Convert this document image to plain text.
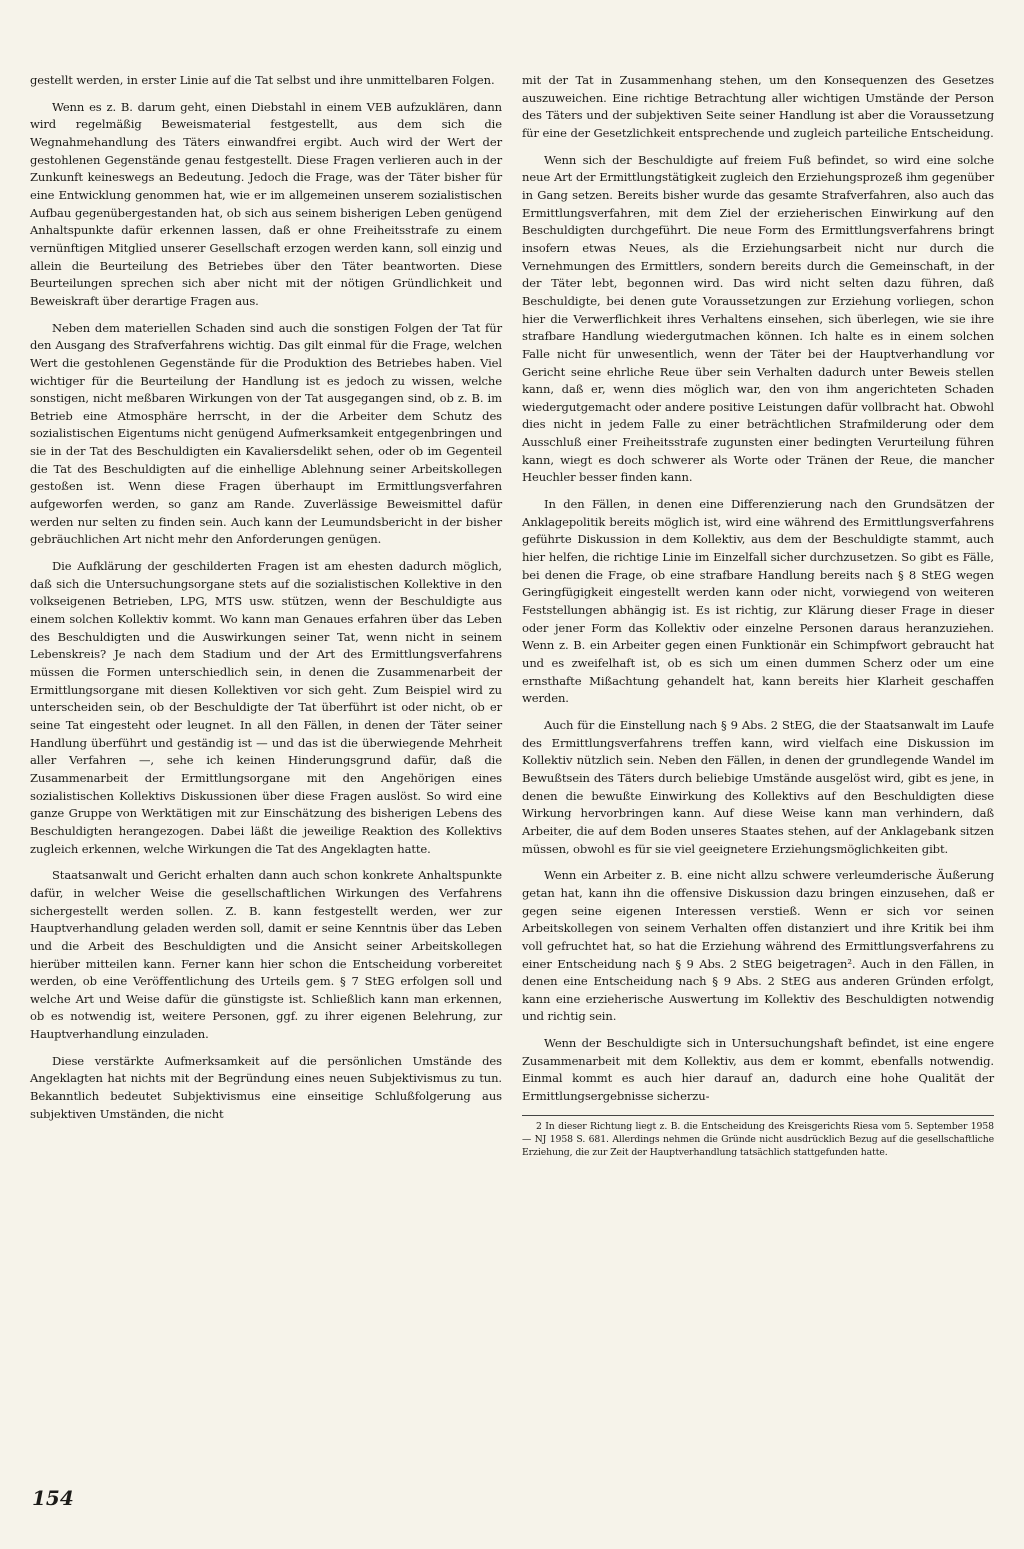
gestellt werden, in erster Linie auf die Tat selbst und ihre unmittelbaren Folgen.

Wenn es z. B. darum geht, einen Diebstahl in einem VEB aufzuklären, dann wird regelmäßig Beweismaterial festgestellt, aus dem sich die Wegnahmehandlung des Täters einwandfrei ergibt. Auch wird der Wert der gestohlenen Gegenstände genau festgestellt. Diese Fragen verlieren auch in der Zunkunft keineswegs an Bedeutung. Jedoch die Frage, was der Täter bisher für eine Entwicklung genommen hat, wie er im allgemeinen unserem sozialistischen Aufbau gegenübergestanden hat, ob sich aus seinem bisherigen Leben genügend Anhaltspunkte dafür erkennen lassen, daß er ohne Freiheitsstrafe zu einem vernünftigen Mitglied unserer Gesellschaft erzogen werden kann, soll einzig und allein die Beurteilung des Betriebes über den Täter beantworten. Diese Beurteilungen sprechen sich aber nicht mit der nötigen Gründlichkeit und Beweiskraft über derartige Fragen aus.

Neben dem materiellen Schaden sind auch die sonstigen Folgen der Tat für den Ausgang des Strafverfahrens wichtig. Das gilt einmal für die Frage, welchen Wert die gestohlenen Gegenstände für die Produktion des Betriebes haben. Viel wichtiger für die Beurteilung der Handlung ist es jedoch zu wissen, welche sonstigen, nicht meßbaren Wirkungen von der Tat ausgegangen sind, ob z. B. im Betrieb eine Atmosphäre herrscht, in der die Arbeiter dem Schutz des sozialistischen Eigentums nicht genügend Aufmerksamkeit entgegenbringen und sie in der Tat des Beschuldigten ein Kavaliersdelikt sehen, oder ob im Gegenteil die Tat des Beschuldigten auf die einhellige Ablehnung seiner Arbeitskollegen gestoßen ist. Wenn diese Fragen überhaupt im Ermittlungsverfahren aufgeworfen werden, so ganz am Rande. Zuverlässige Beweismittel dafür werden nur selten zu finden sein. Auch kann der Leumundsbericht in der bisher gebräuchlichen Art nicht mehr den Anforderungen genügen.

Die Aufklärung der geschilderten Fragen ist am ehesten dadurch möglich, daß sich die Untersuchungsorgane stets auf die sozialistischen Kollektive in den volkseigenen Betrieben, LPG, MTS usw. stützen, wenn der Beschuldigte aus einem solchen Kollektiv kommt. Wo kann man Genaues erfahren über das Leben des Beschuldigten und die Auswirkungen seiner Tat, wenn nicht in seinem Lebenskreis? Je nach dem Stadium und der Art des Ermittlungsverfahrens müssen die Formen unterschiedlich sein, in denen die Zusammenarbeit der Ermittlungsorgane mit diesen Kollektiven vor sich geht. Zum Beispiel wird zu unterscheiden sein, ob der Beschuldigte der Tat überführt ist oder nicht, ob er seine Tat eingesteht oder leugnet. In all den Fällen, in denen der Täter seiner Handlung überführt und geständig ist — und das ist die überwiegende Mehrheit aller Verfahren —, sehe ich keinen Hinderungsgrund dafür, daß die Zusammenarbeit der Ermittlungsorgane mit den Angehörigen eines sozialistischen Kollektivs Diskussionen über diese Fragen auslöst. So wird eine ganze Gruppe von Werktätigen mit zur Einschätzung des bisherigen Lebens des Beschuldigten herangezogen. Dabei läßt die jeweilige Reaktion des Kollektivs zugleich erkennen, welche Wirkungen die Tat des Angeklagten hatte.

Staatsanwalt und Gericht erhalten dann auch schon konkrete Anhaltspunkte dafür, in welcher Weise die gesellschaftlichen Wirkungen des Verfahrens sichergestellt werden sollen. Z. B. kann festgestellt werden, wer zur Hauptverhandlung geladen werden soll, damit er seine Kenntnis über das Leben und die Arbeit des Beschuldigten und die Ansicht seiner Arbeitskollegen hierüber mitteilen kann. Ferner kann hier schon die Entscheidung vorbereitet werden, ob eine Veröffentlichung des Urteils gem. § 7 StEG erfolgen soll und welche Art und Weise dafür die günstigste ist. Schließlich kann man erkennen, ob es notwendig ist, weitere Personen, ggf. zu ihrer eigenen Belehrung, zur Hauptverhandlung einzuladen.

Diese verstärkte Aufmerksamkeit auf die persönlichen Umstände des Angeklagten hat nichts mit der Begründung eines neuen Subjektivismus zu tun. Bekanntlich bedeutet Subjektivismus eine einseitige Schlußfolgerung aus subjektiven Umständen, die nicht

mit der Tat in Zusammenhang stehen, um den Konsequenzen des Gesetzes auszuweichen. Eine richtige Betrachtung aller wichtigen Umstände der Person des Täters und der subjektiven Seite seiner Handlung ist aber die Voraussetzung für eine der Gesetzlichkeit entsprechende und zugleich parteiliche Entscheidung.

Wenn sich der Beschuldigte auf freiem Fuß befindet, so wird eine solche neue Art der Ermittlungstätigkeit zugleich den Erziehungsprozeß ihm gegenüber in Gang setzen. Bereits bisher wurde das gesamte Strafverfahren, also auch das Ermittlungsverfahren, mit dem Ziel der erzieherischen Einwirkung auf den Beschuldigten durchgeführt. Die neue Form des Ermittlungsverfahrens bringt insofern etwas Neues, als die Erziehungsarbeit nicht nur durch die Vernehmungen des Ermittlers, sondern bereits durch die Gemeinschaft, in der der Täter lebt, begonnen wird. Das wird nicht selten dazu führen, daß Beschuldigte, bei denen gute Voraussetzungen zur Erziehung vorliegen, schon hier die Verwerflichkeit ihres Verhaltens einsehen, sich überlegen, wie sie ihre strafbare Handlung wiedergutmachen können. Ich halte es in einem solchen Falle nicht für unwesentlich, wenn der Täter bei der Hauptverhandlung vor Gericht seine ehrliche Reue über sein Verhalten dadurch unter Beweis stellen kann, daß er, wenn dies möglich war, den von ihm angerichteten Schaden wiedergutgemacht oder andere positive Leistungen dafür vollbracht hat. Obwohl dies nicht in jedem Falle zu einer beträchtlichen Strafmilderung oder dem Ausschluß einer Freiheitsstrafe zugunsten einer bedingten Verurteilung führen kann, wiegt es doch schwerer als Worte oder Tränen der Reue, die mancher Heuchler besser finden kann.

In den Fällen, in denen eine Differenzierung nach den Grundsätzen der Anklagepolitik bereits möglich ist, wird eine während des Ermittlungsverfahrens geführte Diskussion in dem Kollektiv, aus dem der Beschuldigte stammt, auch hier helfen, die richtige Linie im Einzelfall sicher durchzusetzen. So gibt es Fälle, bei denen die Frage, ob eine strafbare Handlung bereits nach § 8 StEG wegen Geringfügigkeit eingestellt werden kann oder nicht, vorwiegend von weiteren Feststellungen abhängig ist. Es ist richtig, zur Klärung dieser Frage in dieser oder jener Form das Kollektiv oder einzelne Personen daraus heranzuziehen. Wenn z. B. ein Arbeiter gegen einen Funktionär ein Schimpfwort gebraucht hat und es zweifelhaft ist, ob es sich um einen dummen Scherz oder um eine ernsthafte Mißachtung gehandelt hat, kann bereits hier Klarheit geschaffen werden.

Auch für die Einstellung nach § 9 Abs. 2 StEG, die der Staatsanwalt im Laufe des Ermittlungsverfahrens treffen kann, wird vielfach eine Diskussion im Kollektiv nützlich sein. Neben den Fällen, in denen der grundlegende Wandel im Bewußtsein des Täters durch beliebige Umstände ausgelöst wird, gibt es jene, in denen die bewußte Einwirkung des Kollektivs auf den Beschuldigten diese Wirkung hervorbringen kann. Auf diese Weise kann man verhindern, daß Arbeiter, die auf dem Boden unseres Staates stehen, auf der Anklagebank sitzen müssen, obwohl es für sie viel geeignetere Erziehungsmöglichkeiten gibt.

Wenn ein Arbeiter z. B. eine nicht allzu schwere verleumderische Äußerung getan hat, kann ihn die offensive Diskussion dazu bringen einzusehen, daß er gegen seine eigenen Interessen verstieß. Wenn er sich vor seinen Arbeitskollegen von seinem Verhalten offen distanziert und ihre Kritik bei ihm voll gefruchtet hat, so hat die Erziehung während des Ermittlungsverfahrens zu einer Entscheidung nach § 9 Abs. 2 StEG beigetragen². Auch in den Fällen, in denen eine Entscheidung nach § 9 Abs. 2 StEG aus anderen Gründen erfolgt, kann eine erzieherische Auswertung im Kollektiv des Beschuldigten notwendig und richtig sein.

Wenn der Beschuldigte sich in Untersuchungshaft befindet, ist eine engere Zusammenarbeit mit dem Kollektiv, aus dem er kommt, ebenfalls notwendig. Einmal kommt es auch hier darauf an, dadurch eine hohe Qualität der Ermittlungsergebnisse sicherzu-

2 In dieser Richtung liegt z. B. die Entscheidung des Kreisgerichts Riesa vom 5. September 1958 — NJ 1958 S. 681. Allerdings nehmen die Gründe nicht ausdrücklich Bezug auf die gesellschaftliche Erziehung, die zur Zeit der Hauptverhandlung tatsächlich stattgefunden hatte.

154
